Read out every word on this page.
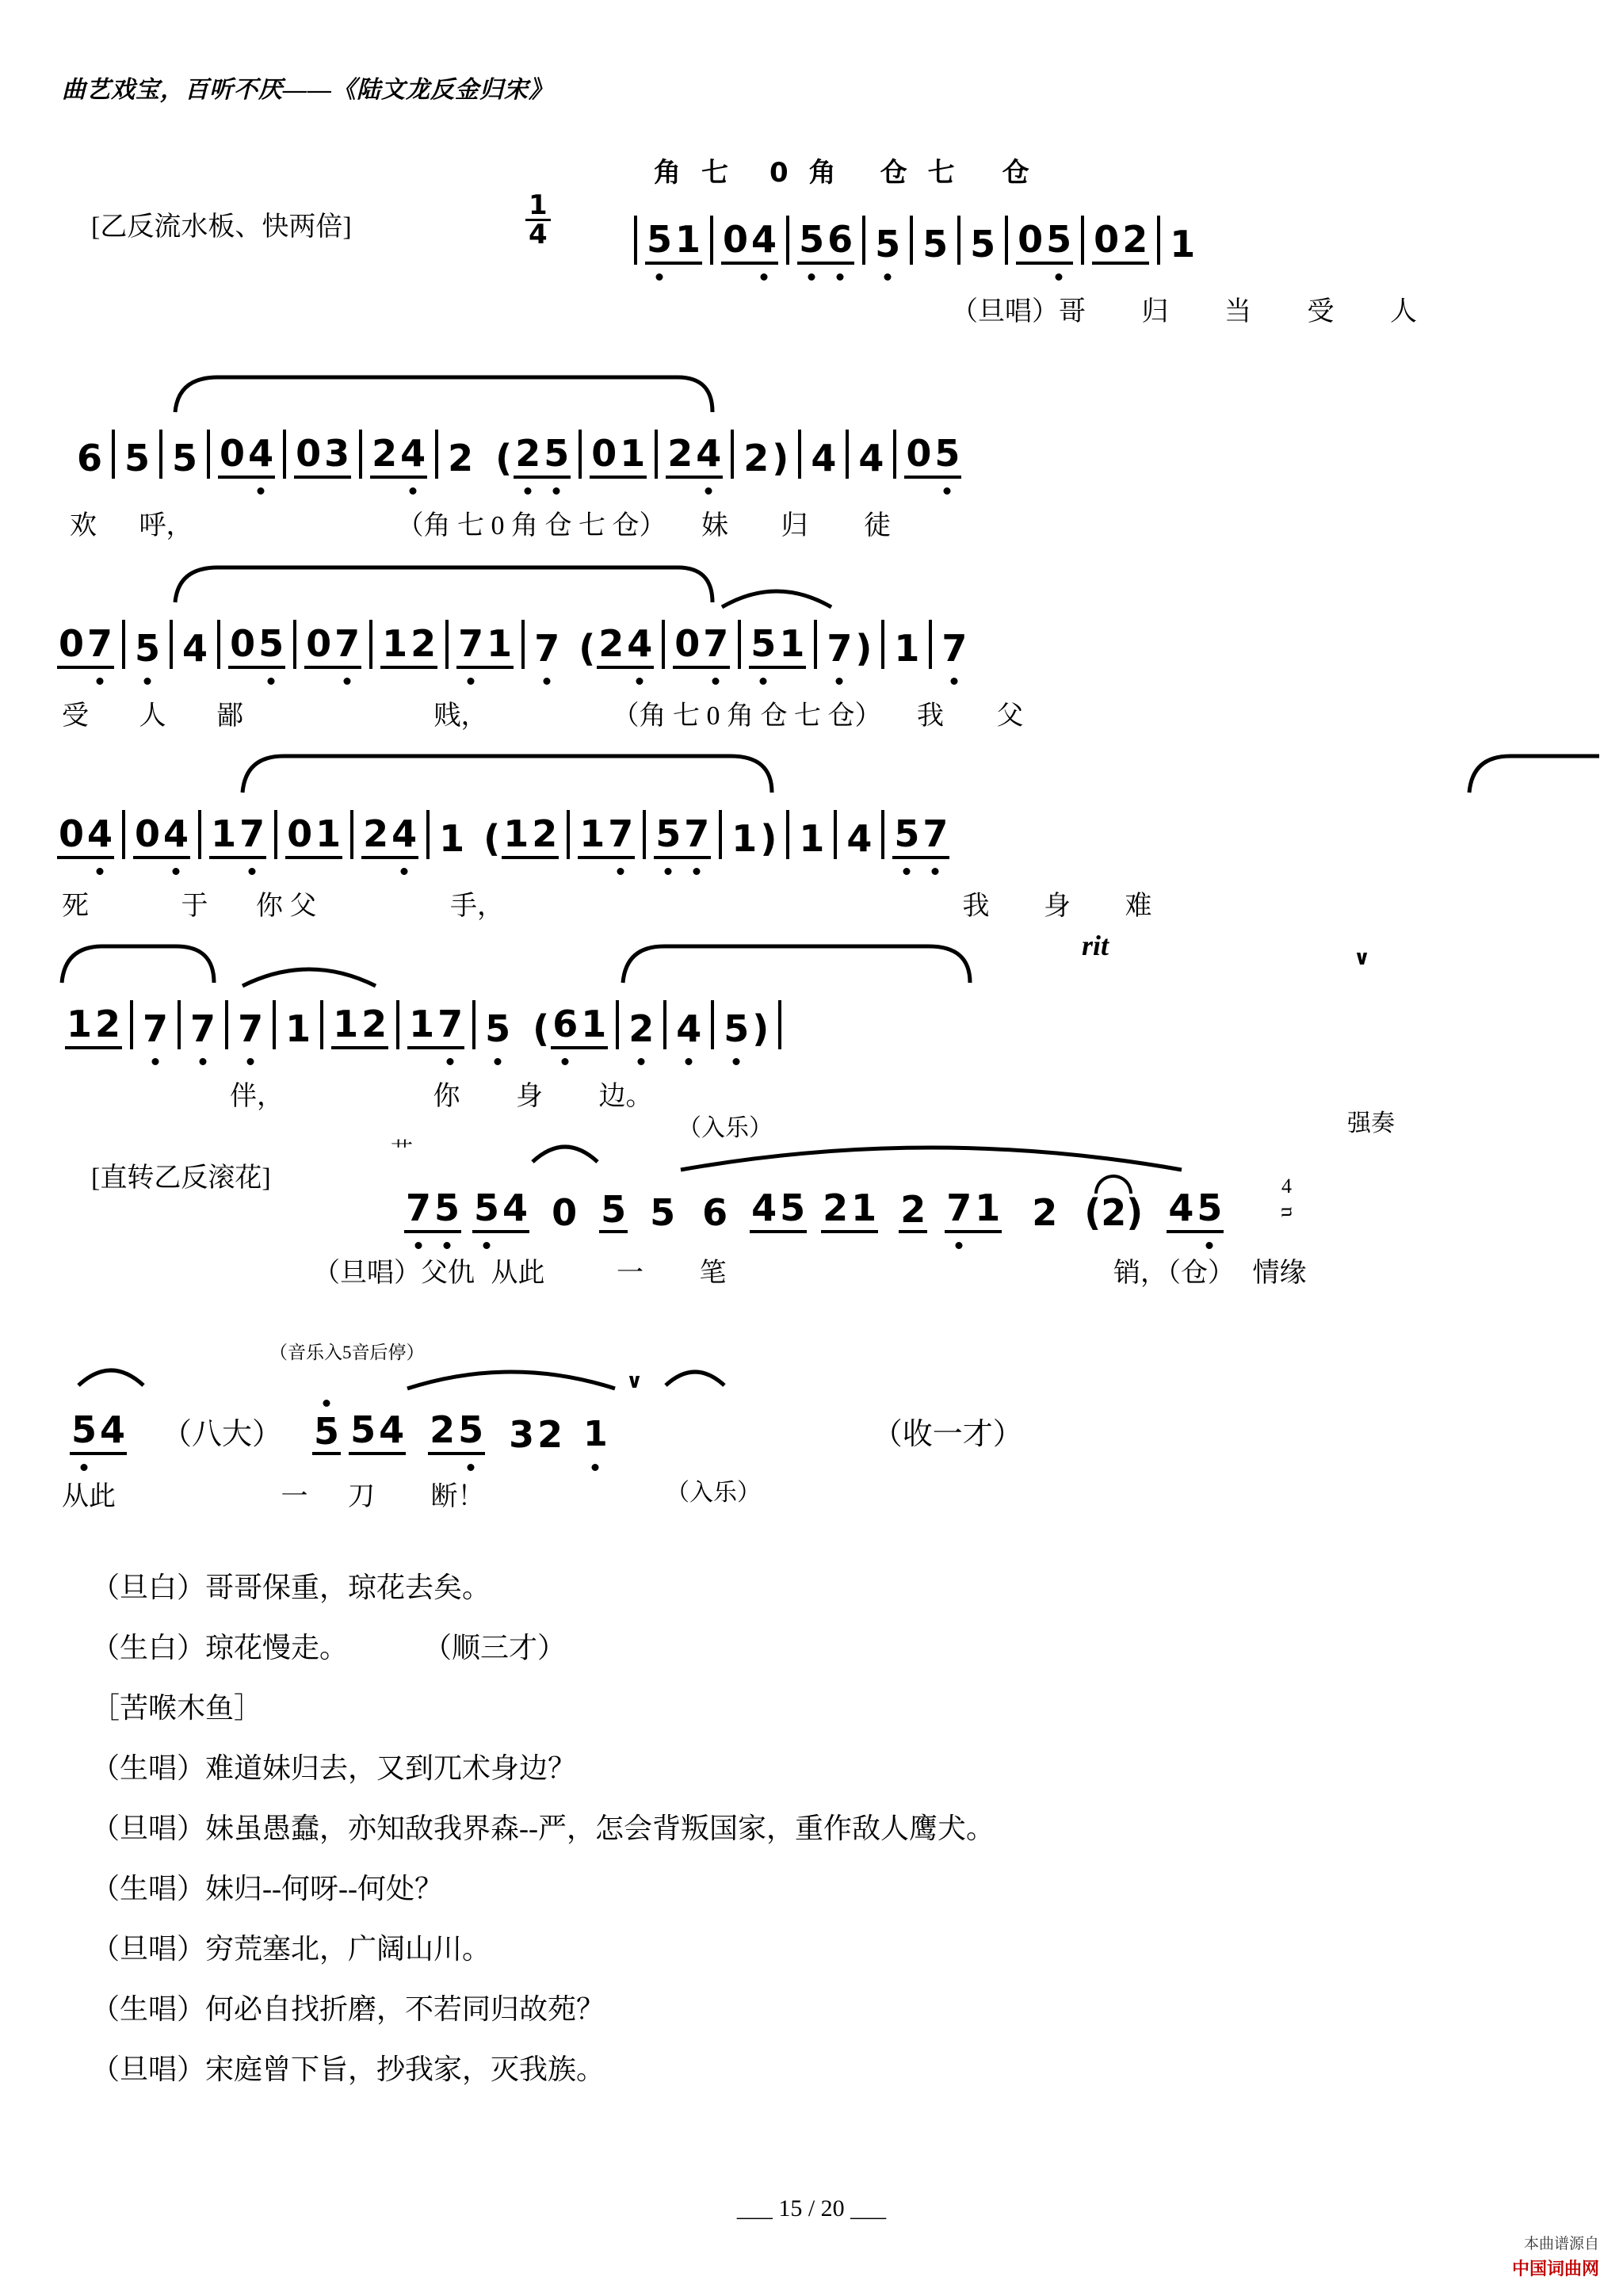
曲艺戏宝，百听不厌——《陆文龙反金归宋》
角七 0角 仓七 仓
[乙反流水板、快两倍]	$\frac{1}{4}$	5 1 0 4 5 6 5 5 5 0 5 0 2 1
（旦唱）哥 归 当 受 人
6 5 5 0 4 0 3 2 4 2 ( 2 5 0 1 2 4 2 ) 4 4 0 5
欢 呼，	（角 七 0 角 仓 七 仓） 妹 归 徒
0 7 5 4 0 5 0 7 1 2 7 1 7 ( 2 4 0 7 5 1 7 ) 1 7
受 人 鄙	贱，	（角 七 0 角 仓 七 仓） 我 父
0 4 0 4 1 7 0 1 2 4 1 ( 1 2 1 7 5 7 1 ) 1 4 5 7
死	于 你 父	手，	我 身 难
rit	∨
1 2 7 7 7 1 1 2 1 7 5 ( 6 1 2 4 5 )
伴，	你 身 边。
（入乐）	强奏
[直转乙反滚花]
艹
7 5 5 4 0 5 5 6 4 5 2 1 2 7 1 2 (2) 4 5
4
ᴝ
（旦唱）父仇 从此	一 笔	销，（仓） 情缘
（音乐入5音后停）
5 4 （八大） 5 5 4 2 5 3 2 1	（收一才）
∨
从此	一 刀 断！	（入乐）
（旦白）哥哥保重，琼花去矣。
（生白）琼花慢走。	（顺三才）
［苦喉木鱼］
（生唱）难道妹归去，又到兀术身边？
（旦唱）妹虽愚蠢，亦知敌我界森--严，怎会背叛国家，重作敌人鹰犬。
（生唱）妹归--何呀--何处？
（旦唱）穷荒塞北，广阔山川。
（生唱）何必自找折磨，不若同归故苑？
（旦唱）宋庭曾下旨，抄我家，灭我族。
___ 15 / 20 ___
本曲谱源自
中国词曲网
